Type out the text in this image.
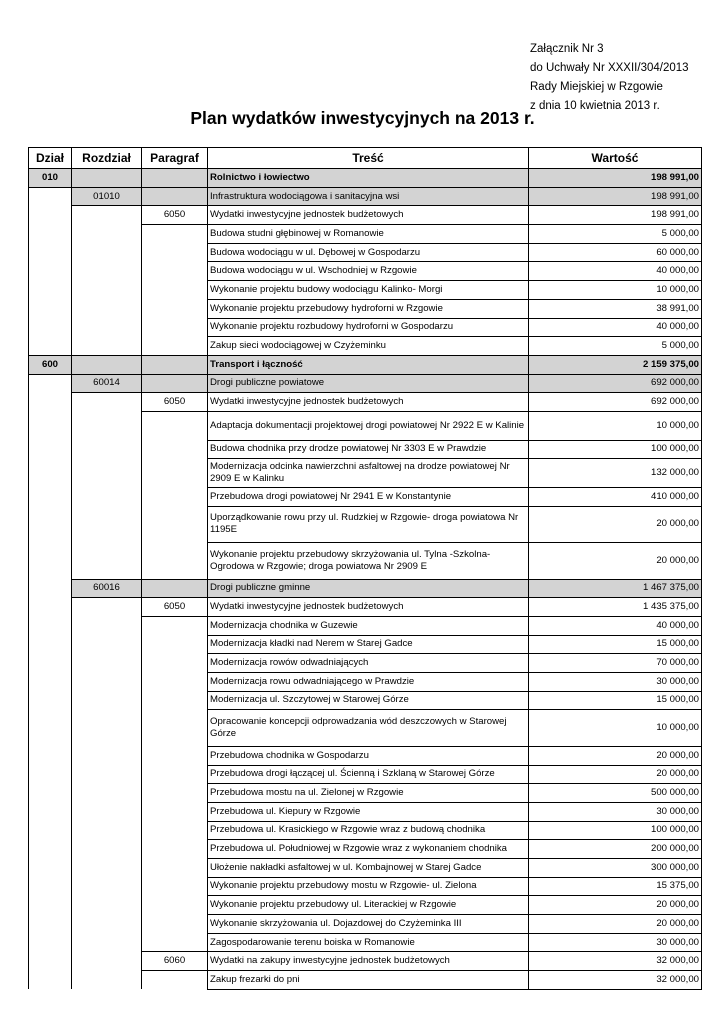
Załącznik Nr 3
do Uchwały Nr XXXII/304/2013
Rady Miejskiej w Rzgowie
z dnia 10 kwietnia 2013 r.
Plan wydatków inwestycyjnych na 2013 r.
Dział	Rozdział	Paragraf	Treść	Wartość
010			Rolnictwo i łowiectwo	198 991,00
	01010		Infrastruktura wodociągowa i sanitacyjna wsi	198 991,00
		6050	Wydatki inwestycyjne jednostek budżetowych	198 991,00
			Budowa studni głębinowej w Romanowie	5 000,00
			Budowa wodociągu w ul. Dębowej w Gospodarzu	60 000,00
			Budowa wodociągu w ul. Wschodniej w Rzgowie	40 000,00
			Wykonanie projektu budowy wodociągu Kalinko- Morgi	10 000,00
			Wykonanie projektu przebudowy hydroforni w Rzgowie	38 991,00
			Wykonanie projektu rozbudowy hydroforni w Gospodarzu	40 000,00
			Zakup sieci wodociągowej w Czyżeminku	5 000,00
600			Transport i łączność	2 159 375,00
	60014		Drogi publiczne powiatowe	692 000,00
		6050	Wydatki inwestycyjne jednostek budżetowych	692 000,00
			Adaptacja dokumentacji projektowej drogi powiatowej Nr 2922 E w Kalinie	10 000,00
			Budowa chodnika przy drodze powiatowej Nr 3303 E w Prawdzie	100 000,00
			Modernizacja odcinka nawierzchni asfaltowej na drodze powiatowej Nr 2909 E w Kalinku	132 000,00
			Przebudowa drogi powiatowej Nr 2941 E w Konstantynie	410 000,00
			Uporządkowanie rowu przy ul. Rudzkiej w Rzgowie- droga powiatowa Nr 1195E	20 000,00
			Wykonanie projektu przebudowy skrzyżowania ul. Tylna -Szkolna-Ogrodowa w Rzgowie; droga powiatowa Nr 2909 E	20 000,00
	60016		Drogi publiczne gminne	1 467 375,00
		6050	Wydatki inwestycyjne jednostek budżetowych	1 435 375,00
			Modernizacja chodnika w Guzewie	40 000,00
			Modernizacja kładki nad Nerem w Starej Gadce	15 000,00
			Modernizacja rowów odwadniających	70 000,00
			Modernizacja rowu odwadniającego w Prawdzie	30 000,00
			Modernizacja ul. Szczytowej w Starowej Górze	15 000,00
			Opracowanie koncepcji odprowadzania wód deszczowych w Starowej Górze	10 000,00
			Przebudowa chodnika w Gospodarzu	20 000,00
			Przebudowa drogi łączącej ul. Ścienną i Szklaną w Starowej Górze	20 000,00
			Przebudowa mostu na ul. Zielonej w Rzgowie	500 000,00
			Przebudowa ul. Kiepury w Rzgowie	30 000,00
			Przebudowa ul. Krasickiego w Rzgowie wraz z budową chodnika	100 000,00
			Przebudowa ul. Południowej w Rzgowie wraz z wykonaniem chodnika	200 000,00
			Ułożenie nakładki asfaltowej w ul. Kombajnowej w Starej Gadce	300 000,00
			Wykonanie projektu przebudowy mostu w Rzgowie- ul. Zielona	15 375,00
			Wykonanie projektu przebudowy ul. Literackiej w Rzgowie	20 000,00
			Wykonanie skrzyżowania ul. Dojazdowej do Czyżeminka III	20 000,00
			Zagospodarowanie terenu boiska w Romanowie	30 000,00
		6060	Wydatki na zakupy inwestycyjne jednostek budżetowych	32 000,00
			Zakup frezarki do pni	32 000,00
